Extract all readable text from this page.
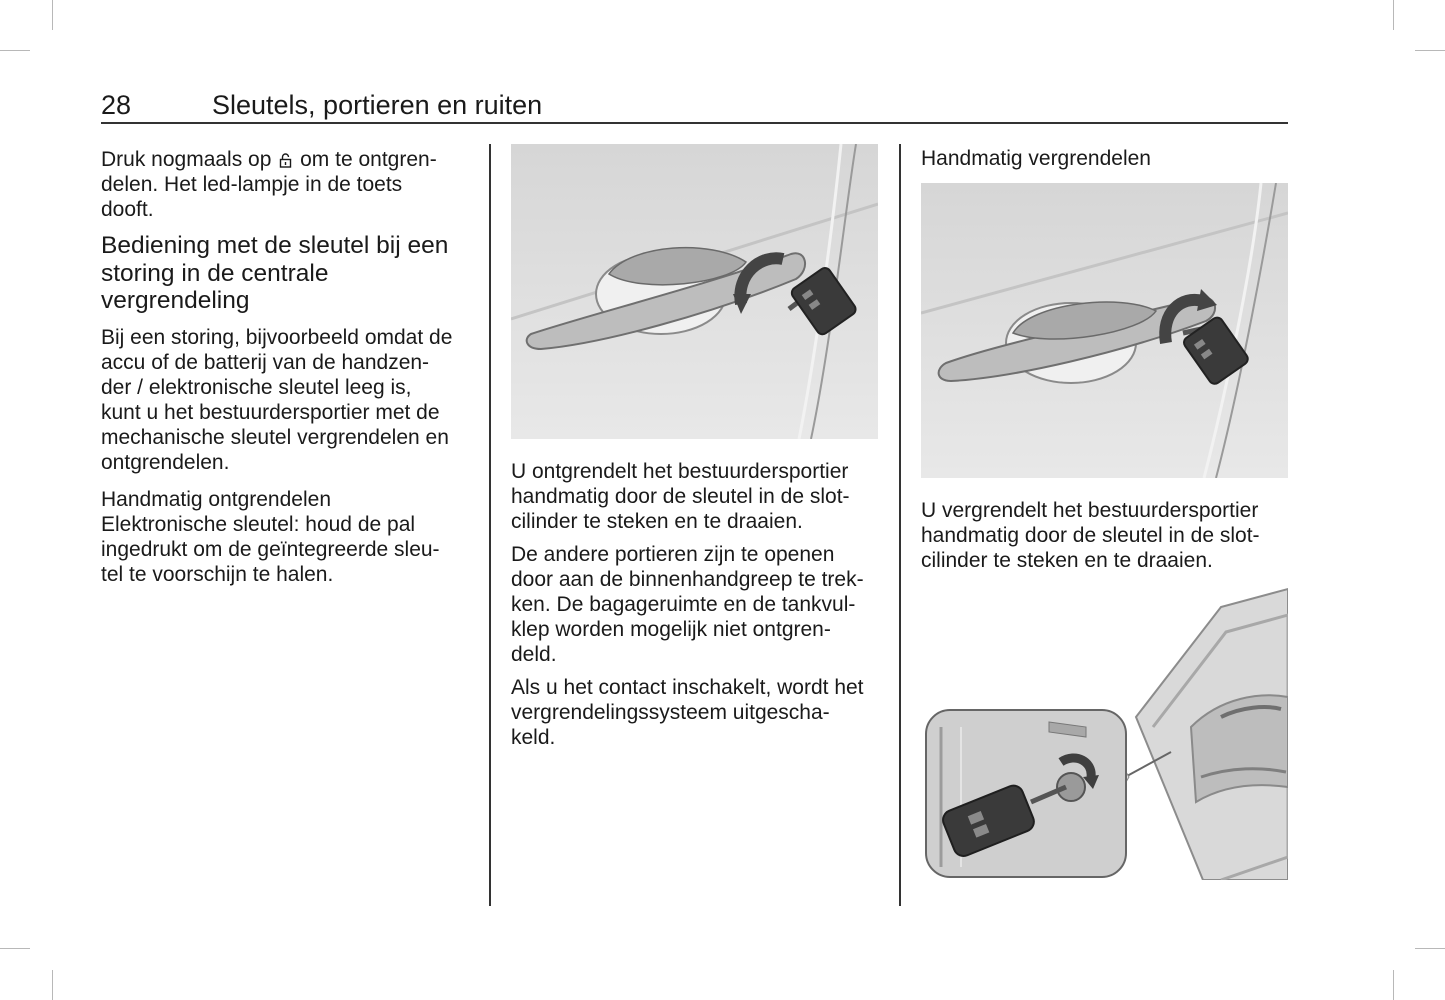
28	Sleutels, portieren en ruiten

Druk nogmaals op om te ontgren-
delen. Het led-lampje in de toets
dooft.

Bediening met de sleutel bij een
storing in de centrale
vergrendeling

Bij een storing, bijvoorbeeld omdat de
accu of de batterij van de handzen-
der / elektronische sleutel leeg is,
kunt u het bestuurdersportier met de
mechanische sleutel vergrendelen en
ontgrendelen.

Handmatig ontgrendelen

Elektronische sleutel: houd de pal
ingedrukt om de geïntegreerde sleu-
tel te voorschijn te halen.

U ontgrendelt het bestuurdersportier
handmatig door de sleutel in de slot-
cilinder te steken en te draaien.

De andere portieren zijn te openen
door aan de binnenhandgreep te trek-
ken. De bagageruimte en de tankvul-
klep worden mogelijk niet ontgren-
deld.

Als u het contact inschakelt, wordt het
vergrendelingssysteem uitgescha-
keld.

Handmatig vergrendelen

U vergrendelt het bestuurdersportier
handmatig door de sleutel in de slot-
cilinder te steken en te draaien.
